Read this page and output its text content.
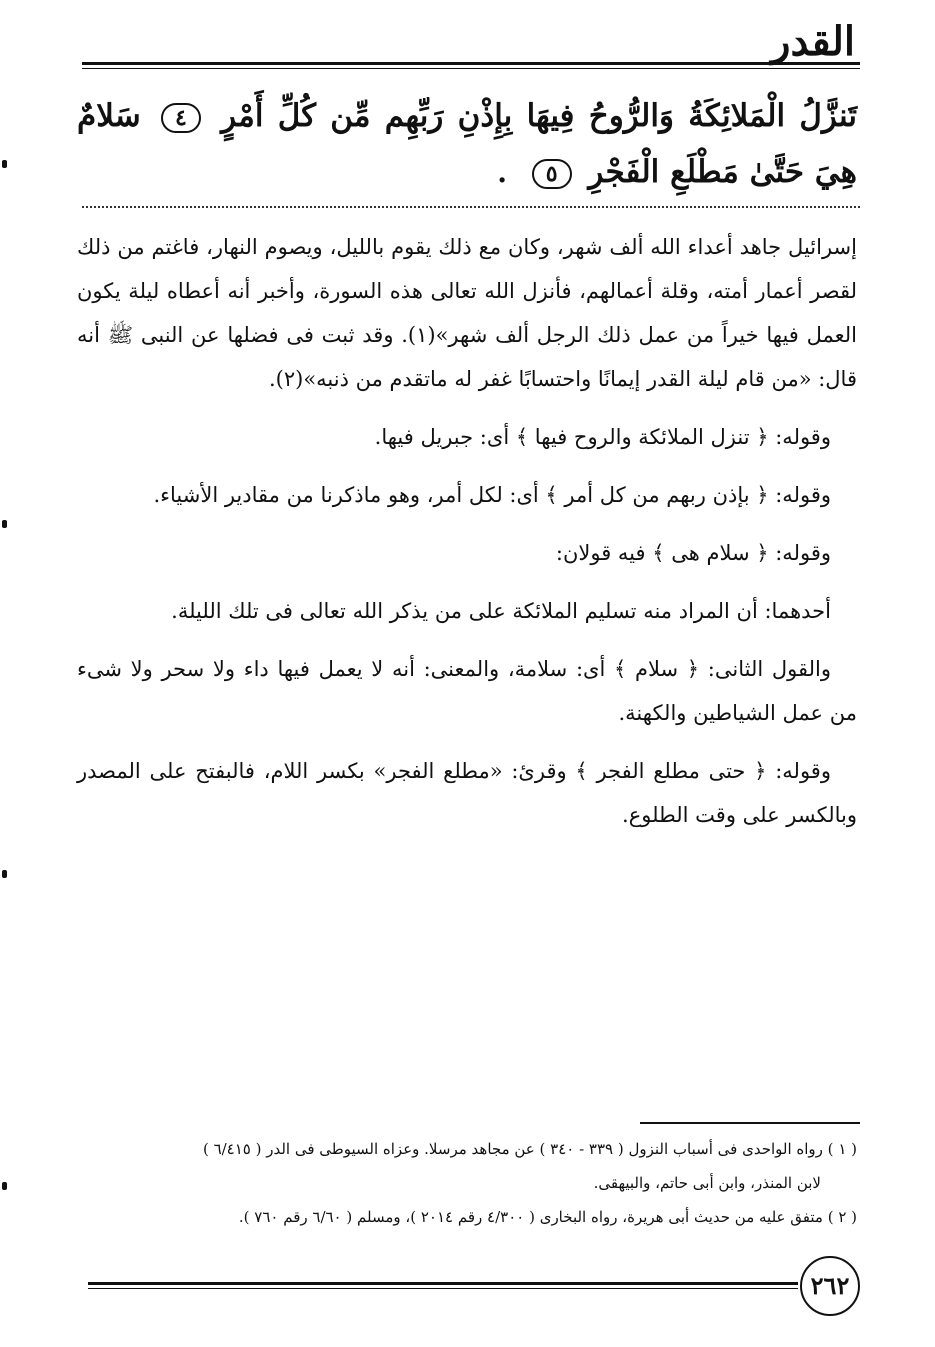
القدر
تَنزَّلُ الْمَلائِكَةُ وَالرُّوحُ فِيهَا بِإِذْنِ رَبِّهِم مِّن كُلِّ أَمْرٍ ٤ سَلامٌ هِيَ حَتَّىٰ مَطْلَعِ الْفَجْرِ ٥ .

إسرائيل جاهد أعداء الله ألف شهر، وكان مع ذلك يقوم بالليل، ويصوم النهار، فاغتم من ذلك لقصر أعمار أمته، وقلة أعمالهم، فأنزل الله تعالى هذه السورة، وأخبر أنه أعطاه ليلة يكون العمل فيها خيراً من عمل ذلك الرجل ألف شهر»(١). وقد ثبت فى فضلها عن النبى ﷺ أنه قال: «من قام ليلة القدر إيمانًا واحتسابًا غفر له ماتقدم من ذنبه»(٢).

وقوله: ﴿ تنزل الملائكة والروح فيها ﴾ أى: جبريل فيها.

وقوله: ﴿ بإذن ربهم من كل أمر ﴾ أى: لكل أمر، وهو ماذكرنا من مقادير الأشياء.

وقوله: ﴿ سلام هى ﴾ فيه قولان:

أحدهما: أن المراد منه تسليم الملائكة على من يذكر الله تعالى فى تلك الليلة.

والقول الثانى: ﴿ سلام ﴾ أى: سلامة، والمعنى: أنه لا يعمل فيها داء ولا سحر ولا شىء من عمل الشياطين والكهنة.

وقوله: ﴿ حتى مطلع الفجر ﴾ وقرئ: «مطلع الفجر» بكسر اللام، فالبفتح على المصدر وبالكسر على وقت الطلوع.

( ١ ) رواه الواحدى فى أسباب النزول ( ٣٣٩ - ٣٤٠ ) عن مجاهد مرسلا. وعزاه السيوطى فى الدر ( ٦/٤١٥ )

لابن المنذر، وابن أبى حاتم، والبيهقى.

( ٢ ) متفق عليه من حديث أبى هريرة، رواه البخارى ( ٤/٣٠٠ رقم ٢٠١٤ )، ومسلم ( ٦/٦٠ رقم ٧٦٠ ).

٢٦٢
